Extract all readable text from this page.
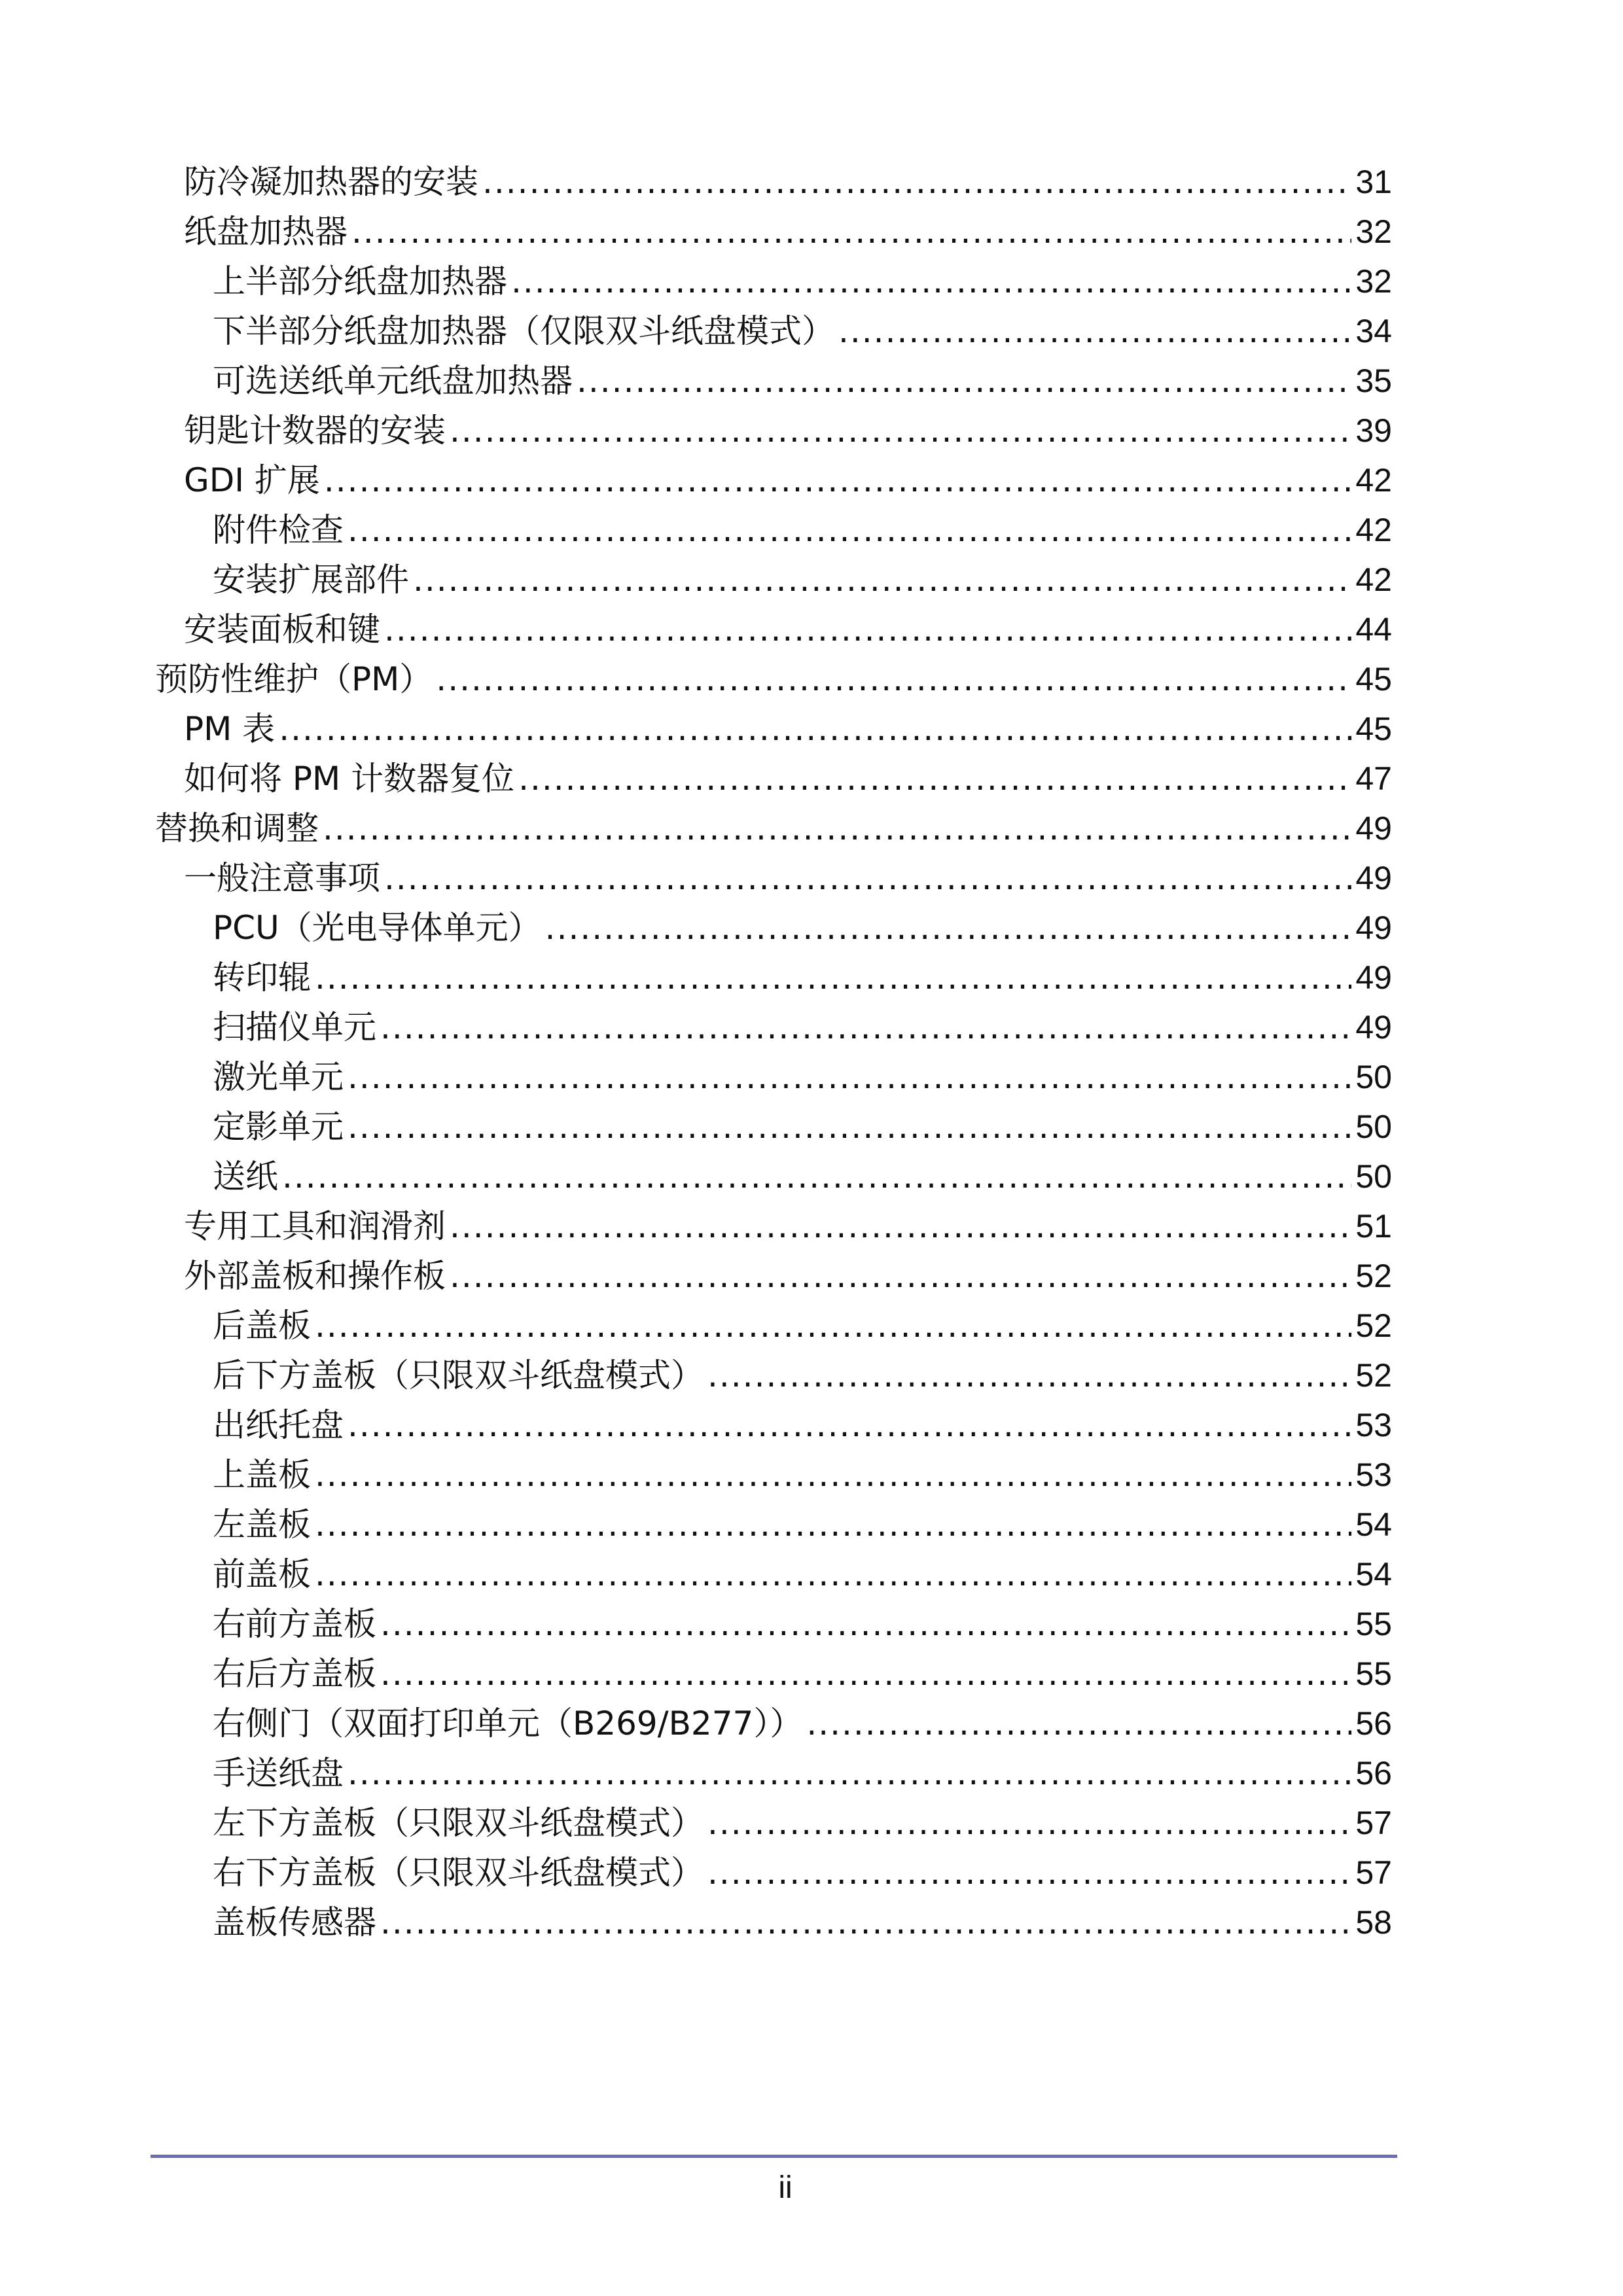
防冷凝加热器的安装 .....	31
纸盘加热器 .....	32
上半部分纸盘加热器 .....	32
下半部分纸盘加热器（仅限双斗纸盘模式） .....	34
可选送纸单元纸盘加热器 .....	35
钥匙计数器的安装 .....	39
GDI 扩展 .....	42
附件检查 .....	42
安装扩展部件 .....	42
安装面板和键 .....	44
预防性维护（PM） .....	45
PM 表 .....	45
如何将 PM 计数器复位 .....	47
替换和调整 .....	49
一般注意事项 .....	49
PCU（光电导体单元） .....	49
转印辊 .....	49
扫描仪单元 .....	49
激光单元 .....	50
定影单元 .....	50
送纸 .....	50
专用工具和润滑剂 .....	51
外部盖板和操作板 .....	52
后盖板 .....	52
后下方盖板（只限双斗纸盘模式） .....	52
出纸托盘 .....	53
上盖板 .....	53
左盖板 .....	54
前盖板 .....	54
右前方盖板 .....	55
右后方盖板 .....	55
右侧门（双面打印单元（B269/B277）） .....	56
手送纸盘 .....	56
左下方盖板（只限双斗纸盘模式） .....	57
右下方盖板（只限双斗纸盘模式） .....	57
盖板传感器 .....	58
ii
